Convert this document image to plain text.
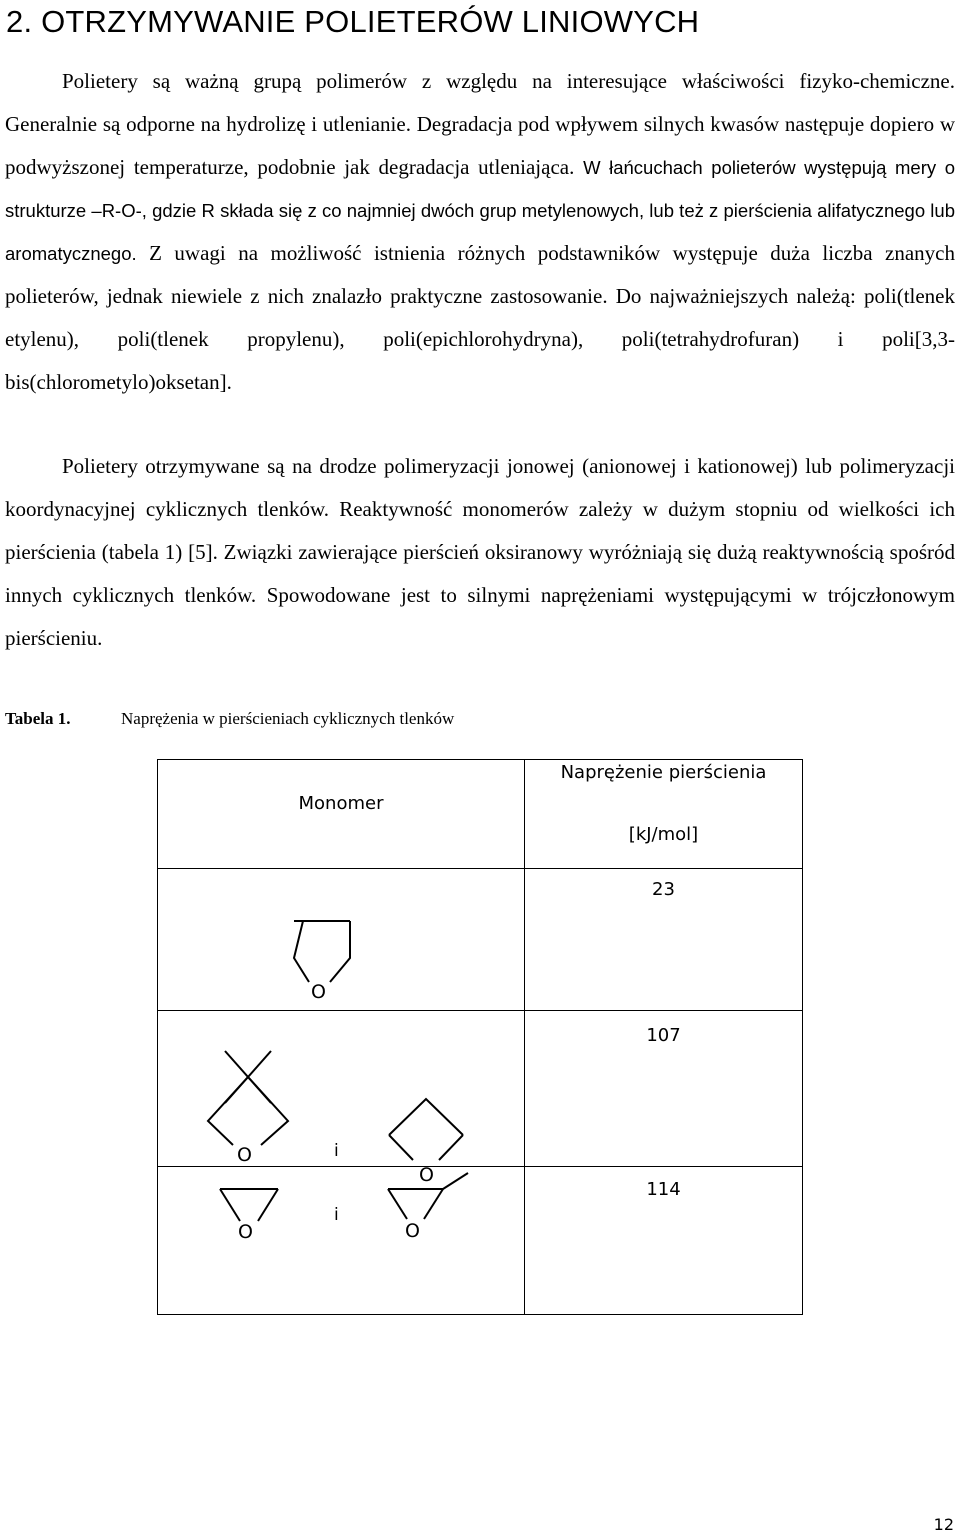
2. OTRZYMYWANIE POLIETERÓW LINIOWYCH

Polietery są ważną grupą polimerów z względu na interesujące właściwości fizyko-chemiczne. Generalnie są odporne na hydrolizę i utlenianie. Degradacja pod wpływem silnych kwasów następuje dopiero w podwyższonej temperaturze, podobnie jak degradacja utleniająca. W łańcuchach polieterów występują mery o strukturze –R-O-, gdzie R składa się z co najmniej dwóch grup metylenowych, lub też z pierścienia alifatycznego lub aromatycznego. Z uwagi na możliwość istnienia różnych podstawników występuje duża liczba znanych polieterów, jednak niewiele z nich znalazło praktyczne zastosowanie. Do najważniejszych należą: poli(tlenek etylenu), poli(tlenek propylenu), poli(epichlorohydryna), poli(tetrahydrofuran) i poli[3,3-bis(chlorometylo)oksetan].

Polietery otrzymywane są na drodze polimeryzacji jonowej (anionowej i kationowej) lub polimeryzacji koordynacyjnej cyklicznych tlenków. Reaktywność monomerów zależy w dużym stopniu od wielkości ich pierścienia (tabela 1) [5]. Związki zawierające pierścień oksiranowy wyróżniają się dużą reaktywnością spośród innych cyklicznych tlenków. Spowodowane jest to silnymi naprężeniami występującymi w trójczłonowym pierścieniu.

Tabela 1.	Naprężenia w pierścieniach cyklicznych tlenków
Monomer	Naprężenie pierścienia
[kJ/mol]

O	23

O
O
i	107

O O
i	114
12
